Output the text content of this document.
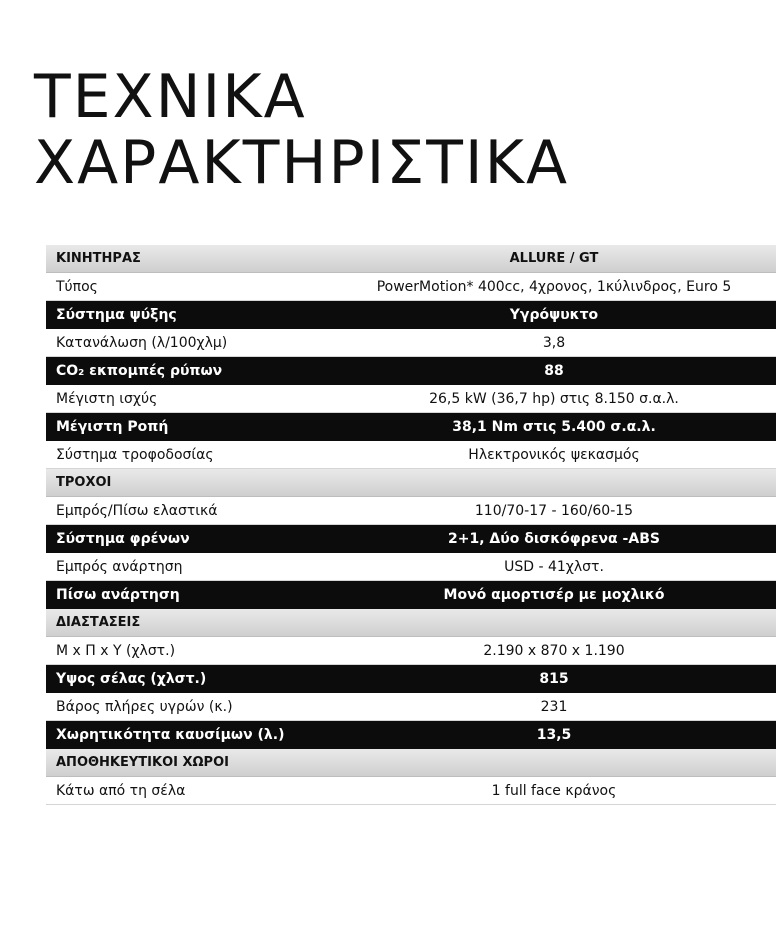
ΤΕΧΝΙΚΑ
ΧΑΡΑΚΤΗΡΙΣΤΙΚΑ
ΚΙΝΗΤΗΡΑΣ	ALLURE / GT
Τύπος	PowerMotion* 400cc, 4χρονος, 1κύλινδρος, Euro 5
Σύστημα ψύξης	Υγρόψυκτο
Κατανάλωση (λ/100χλμ)	3,8
CO₂ εκπομπές ρύπων	88
Μέγιστη ισχύς	26,5 kW (36,7 hp) στις 8.150 σ.α.λ.
Μέγιστη Ροπή	38,1 Nm στις 5.400 σ.α.λ.
Σύστημα τροφοδοσίας	Ηλεκτρονικός ψεκασμός
ΤΡΟΧΟΙ
Εμπρός/Πίσω ελαστικά	110/70-17 - 160/60-15
Σύστημα φρένων	2+1, Δύο δισκόφρενα -ABS
Εμπρός ανάρτηση	USD - 41χλστ.
Πίσω ανάρτηση	Μονό αμορτισέρ με μοχλικό
ΔΙΑΣΤΑΣΕΙΣ
Μ x Π x Υ (χλστ.)	2.190 x 870 x 1.190
Υψος σέλας (χλστ.)	815
Βάρος πλήρες υγρών (κ.)	231
Χωρητικότητα καυσίμων (λ.)	13,5
ΑΠΟΘΗΚΕΥΤΙΚΟΙ ΧΩΡΟΙ
Κάτω από τη σέλα	1 full face κράνος
